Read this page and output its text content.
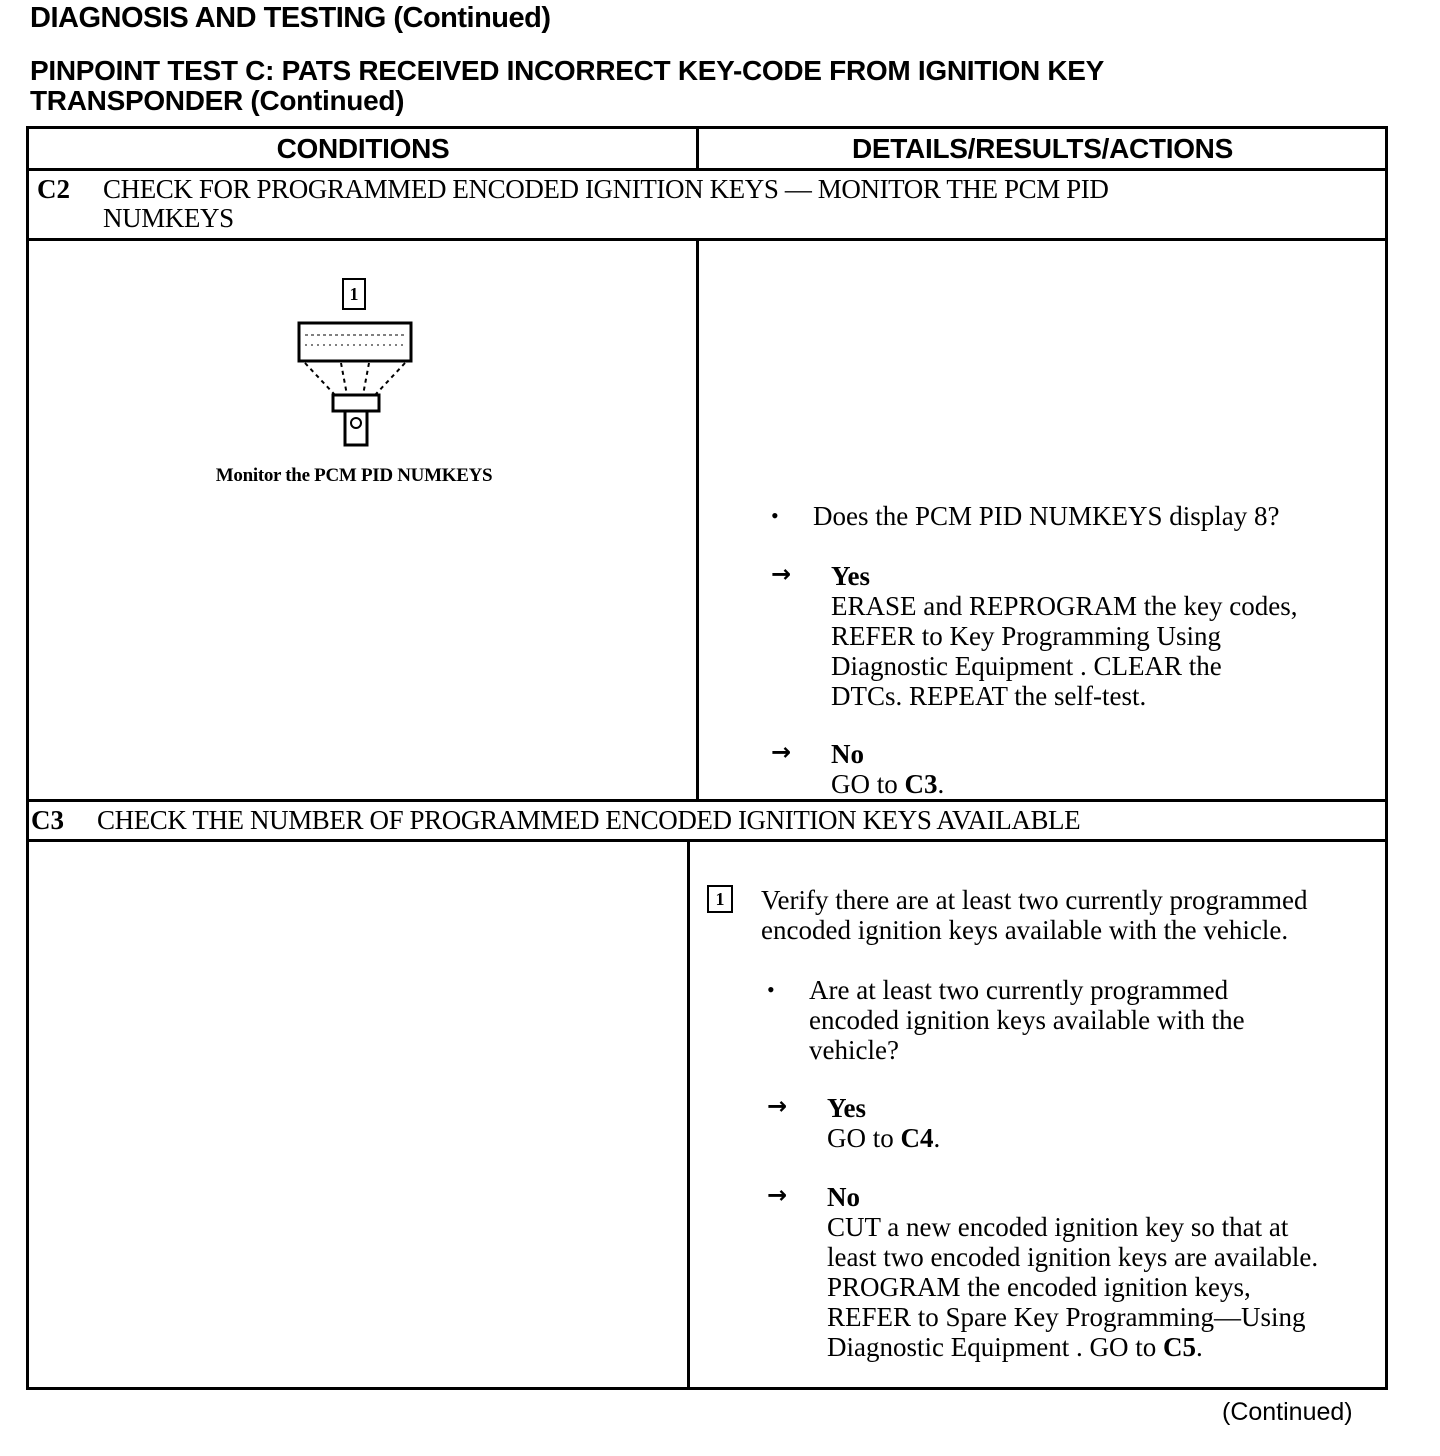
DIAGNOSIS AND TESTING (Continued)
PINPOINT TEST C: PATS RECEIVED INCORRECT KEY-CODE FROM IGNITION KEY
TRANSPONDER (Continued)
CONDITIONS	DETAILS/RESULTS/ACTIONS
C2 CHECK FOR PROGRAMMED ENCODED IGNITION KEYS — MONITOR THE PCM PID
NUMKEYS
1
Monitor the PCM PID NUMKEYS
• Does the PCM PID NUMKEYS display 8?
→ Yes
ERASE and REPROGRAM the key codes,
REFER to Key Programming Using
Diagnostic Equipment . CLEAR the
DTCs. REPEAT the self-test.
→ No
GO to C3.
C3 CHECK THE NUMBER OF PROGRAMMED ENCODED IGNITION KEYS AVAILABLE
1	Verify there are at least two currently programmed
encoded ignition keys available with the vehicle.
• Are at least two currently programmed
encoded ignition keys available with the
vehicle?
→ Yes
GO to C4.
→ No
CUT a new encoded ignition key so that at
least two encoded ignition keys are available.
PROGRAM the encoded ignition keys,
REFER to Spare Key Programming—Using
Diagnostic Equipment . GO to C5.
(Continued)
